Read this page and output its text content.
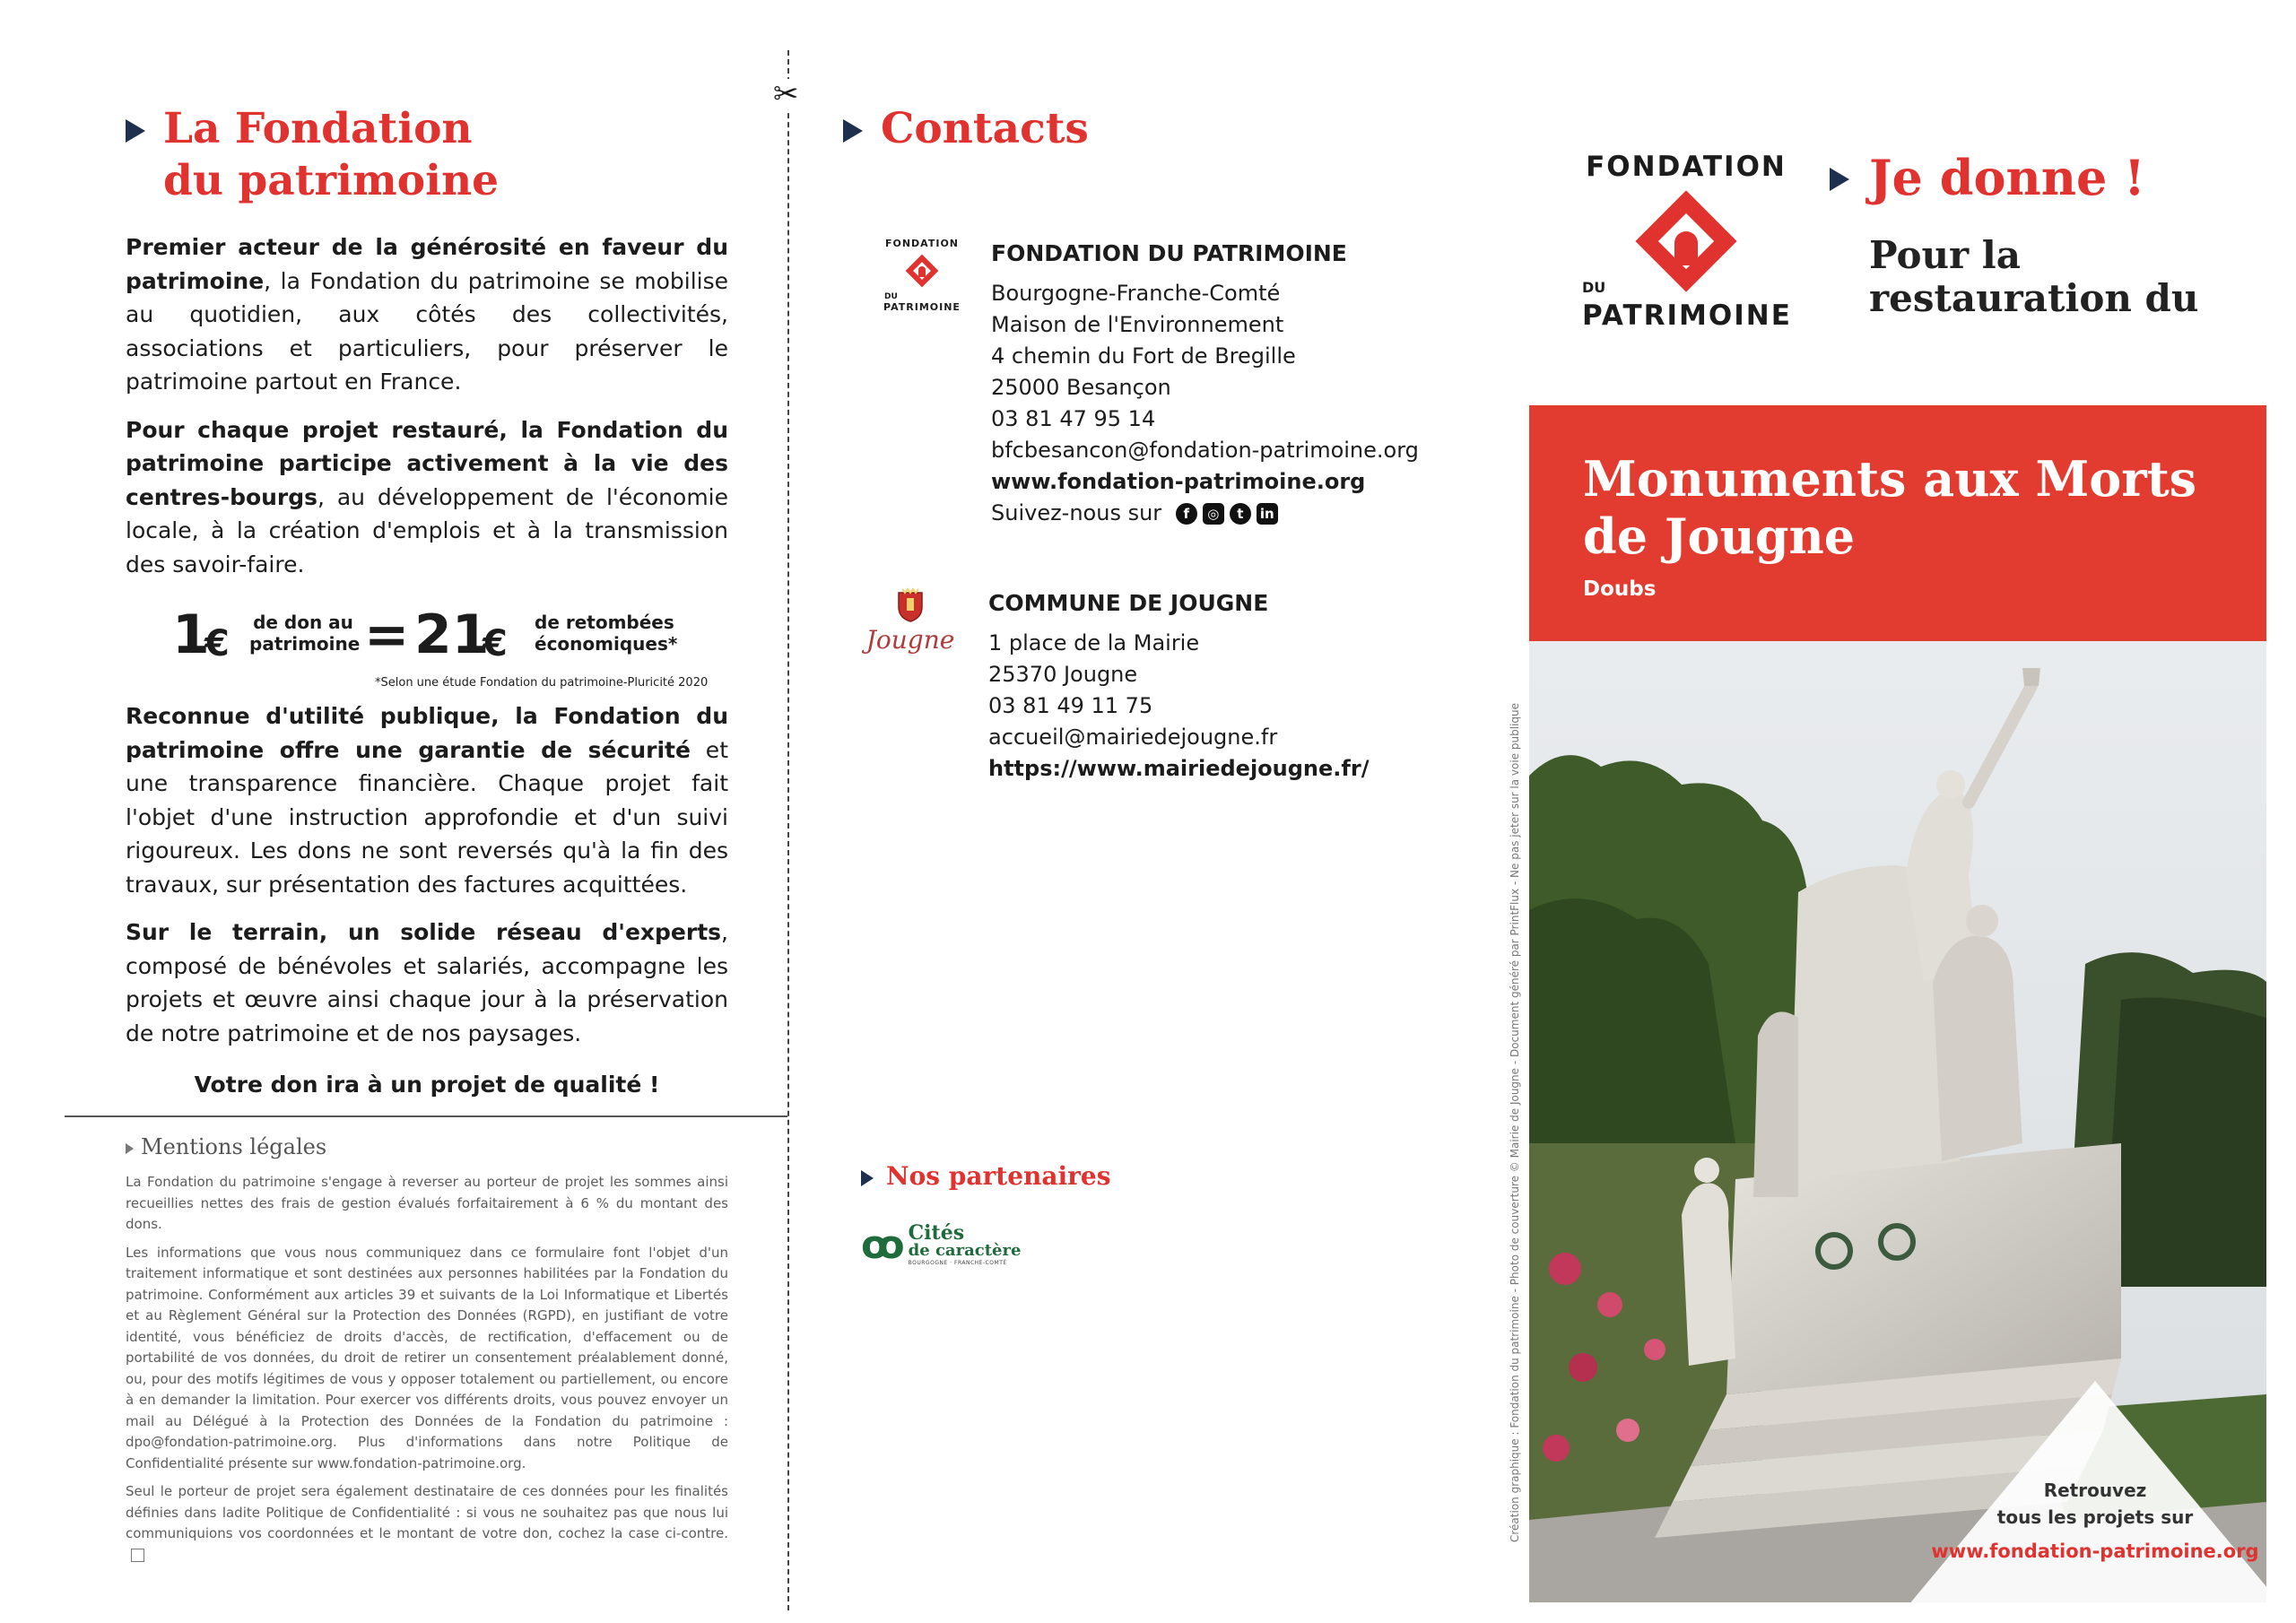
La Fondation
du patrimoine

Premier acteur de la générosité en faveur du patrimoine, la Fondation du patrimoine se mobilise au quotidien, aux côtés des collectivités, associations et particuliers, pour préserver le patrimoine partout en France.

Pour chaque projet restauré, la Fondation du patrimoine participe activement à la vie des centres-bourgs, au développement de l'économie locale, à la création d'emplois et à la transmission des savoir-faire.

1
€
de don au
patrimoine = 21
€
de retombées
économiques*
*Selon une étude Fondation du patrimoine-Pluricité 2020

Reconnue d'utilité publique, la Fondation du patrimoine offre une garantie de sécurité et une transparence financière. Chaque projet fait l'objet d'une instruction approfondie et d'un suivi rigoureux. Les dons ne sont reversés qu'à la fin des travaux, sur présentation des factures acquittées.

Sur le terrain, un solide réseau d'experts, composé de bénévoles et salariés, accompagne les projets et œuvre ainsi chaque jour à la préservation de notre patrimoine et de nos paysages.

Votre don ira à un projet de qualité !
Mentions légales

La Fondation du patrimoine s'engage à reverser au porteur de projet les sommes ainsi recueillies nettes des frais de gestion évalués forfaitairement à 6 % du montant des dons.

Les informations que vous nous communiquez dans ce formulaire font l'objet d'un traitement informatique et sont destinées aux personnes habilitées par la Fondation du patrimoine. Conformément aux articles 39 et suivants de la Loi Informatique et Libertés et au Règlement Général sur la Protection des Données (RGPD), en justifiant de votre identité, vous bénéficiez de droits d'accès, de rectification, d'effacement ou de portabilité de vos données, du droit de retirer un consentement préalablement donné, ou, pour des motifs légitimes de vous y opposer totalement ou partiellement, ou encore à en demander la limitation. Pour exercer vos différents droits, vous pouvez envoyer un mail au Délégué à la Protection des Données de la Fondation du patrimoine : dpo@fondation-patrimoine.org. Plus d'informations dans notre Politique de Confidentialité présente sur www.fondation-patrimoine.org.

Seul le porteur de projet sera également destinataire de ces données pour les finalités définies dans ladite Politique de Confidentialité : si vous ne souhaitez pas que nous lui communiquions vos coordonnées et le montant de votre don, cochez la case ci-contre.

✂
Contacts
FONDATION
DU
PATRIMOINE
FONDATION DU PATRIMOINE
Bourgogne-Franche-Comté
Maison de l'Environnement
4 chemin du Fort de Bregille
25000 Besançon
03 81 47 95 14
bfcbesancon@fondation-patrimoine.org
www.fondation-patrimoine.org
Suivez-nous sur	f	◎	t	in
Jougne
COMMUNE DE JOUGNE
1 place de la Mairie
25370 Jougne
03 81 49 11 75
accueil@mairiedejougne.fr
https://www.mairiedejougne.fr/
Nos partenaires
ꝏ Cités
de caractère
BOURGOGNE · FRANCHE-COMTÉ
FONDATION
DU
PATRIMOINE
Je donne !
Pour la
restauration du
Monuments aux Morts
de Jougne
Doubs
Retrouvez
tous les projets sur
www.fondation-patrimoine.org
Création graphique : Fondation du patrimoine - Photo de couverture © Mairie de Jougne - Document généré par PrintFlux - Ne pas jeter sur la voie publique
